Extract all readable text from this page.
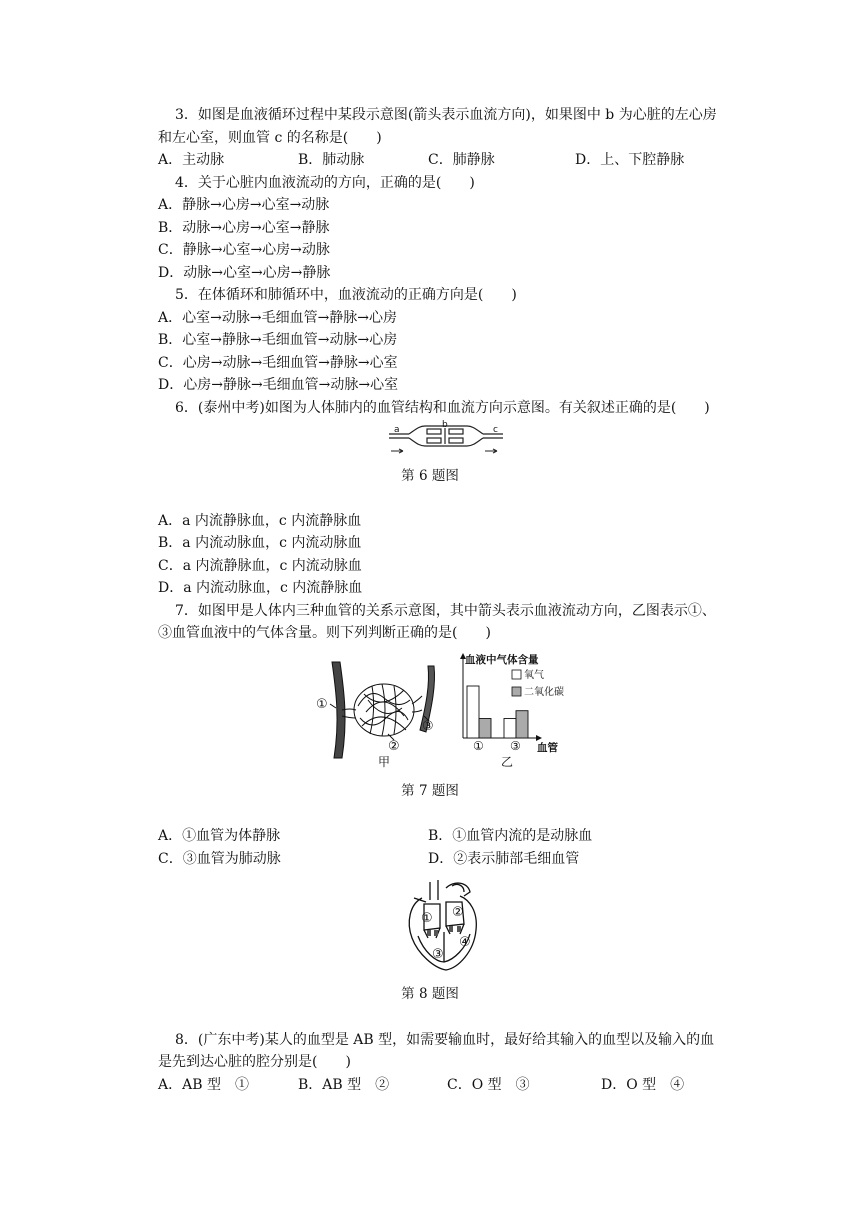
3．如图是血液循环过程中某段示意图(箭头表示血流方向)，如果图中 b 为心脏的左心房
和左心室，则血管 c 的名称是(　　)
A．主动脉	B．肺动脉	C．肺静脉	D．上、下腔静脉
4．关于心脏内血液流动的方向，正确的是(　　)
A．静脉→心房→心室→动脉
B．动脉→心房→心室→静脉
C．静脉→心室→心房→动脉
D．动脉→心室→心房→静脉
5．在体循环和肺循环中，血液流动的正确方向是(　　)
A．心室→动脉→毛细血管→静脉→心房
B．心室→静脉→毛细血管→动脉→心房
C．心房→动脉→毛细血管→静脉→心室
D．心房→静脉→毛细血管→动脉→心室
6．(泰州中考)如图为人体肺内的血管结构和血流方向示意图。有关叙述正确的是(　　)
a	b	c
第 6 题图
A．a 内流静脉血，c 内流静脉血
B．a 内流动脉血，c 内流动脉血
C．a 内流静脉血，c 内流动脉血
D．a 内流动脉血，c 内流静脉血
7．如图甲是人体内三种血管的关系示意图，其中箭头表示血液流动方向，乙图表示①、
③血管血液中的气体含量。则下列判断正确的是(　　)
①
②
③
甲
血液中气体含量
氧气
二氧化碳
① ③ 血管
乙
第 7 题图
A．①血管为体静脉	B．①血管内流的是动脉血
C．③血管为肺动脉	D．②表示肺部毛细血管
① ②
③
④
第 8 题图
8．(广东中考)某人的血型是 AB 型，如需要输血时，最好给其输入的血型以及输入的血
是先到达心脏的腔分别是(　　)
A．AB 型　①	B．AB 型　②	C．O 型　③	D．O 型　④
